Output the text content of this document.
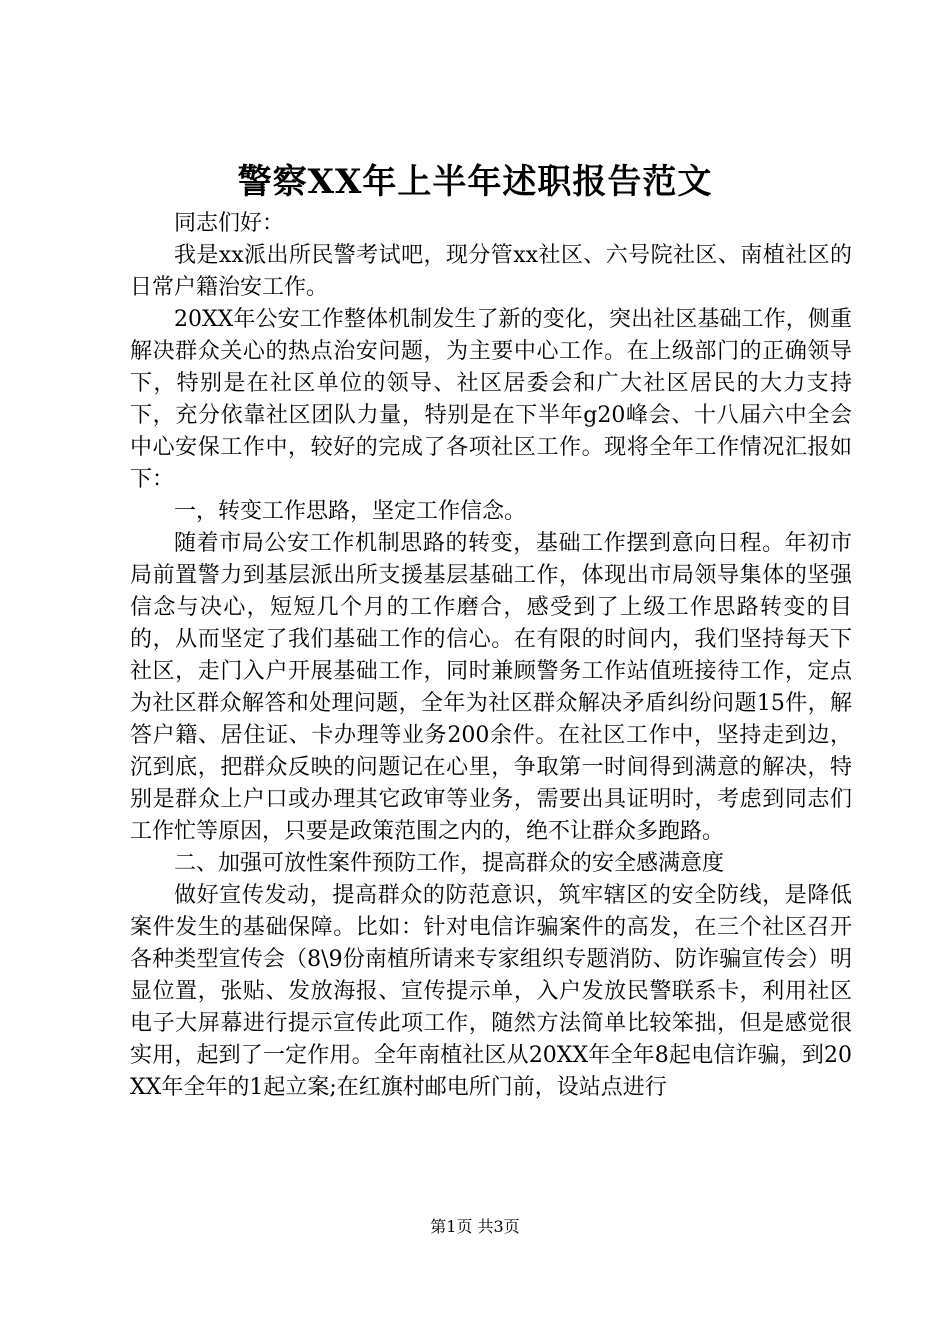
警察XX年上半年述职报告范文

同志们好：

我是xx派出所民警考试吧，现分管xx社区、六号院社区、南植社区的日常户籍治安工作。

20XX年公安工作整体机制发生了新的变化，突出社区基础工作，侧重解决群众关心的热点治安问题，为主要中心工作。在上级部门的正确领导下，特别是在社区单位的领导、社区居委会和广大社区居民的大力支持下，充分依靠社区团队力量，特别是在下半年g20峰会、十八届六中全会中心安保工作中，较好的完成了各项社区工作。现将全年工作情况汇报如下：

一，转变工作思路，坚定工作信念。

随着市局公安工作机制思路的转变，基础工作摆到意向日程。年初市局前置警力到基层派出所支援基层基础工作，体现出市局领导集体的坚强信念与决心，短短几个月的工作磨合，感受到了上级工作思路转变的目的，从而坚定了我们基础工作的信心。在有限的时间内，我们坚持每天下社区，走门入户开展基础工作，同时兼顾警务工作站值班接待工作，定点为社区群众解答和处理问题，全年为社区群众解决矛盾纠纷问题15件，解答户籍、居住证、卡办理等业务200余件。在社区工作中，坚持走到边，沉到底，把群众反映的问题记在心里，争取第一时间得到满意的解决，特别是群众上户口或办理其它政审等业务，需要出具证明时，考虑到同志们工作忙等原因，只要是政策范围之内的，绝不让群众多跑路。

二、加强可放性案件预防工作，提高群众的安全感满意度

做好宣传发动，提高群众的防范意识，筑牢辖区的安全防线，是降低案件发生的基础保障。比如：针对电信诈骗案件的高发，在三个社区召开各种类型宣传会（8\9份南植所请来专家组织专题消防、防诈骗宣传会）明显位置，张贴、发放海报、宣传提示单，入户发放民警联系卡，利用社区电子大屏幕进行提示宣传此项工作，随然方法简单比较笨拙，但是感觉很实用，起到了一定作用。全年南植社区从20XX年全年8起电信诈骗，到20XX年全年的1起立案;在红旗村邮电所门前，设站点进行

第1页 共3页
